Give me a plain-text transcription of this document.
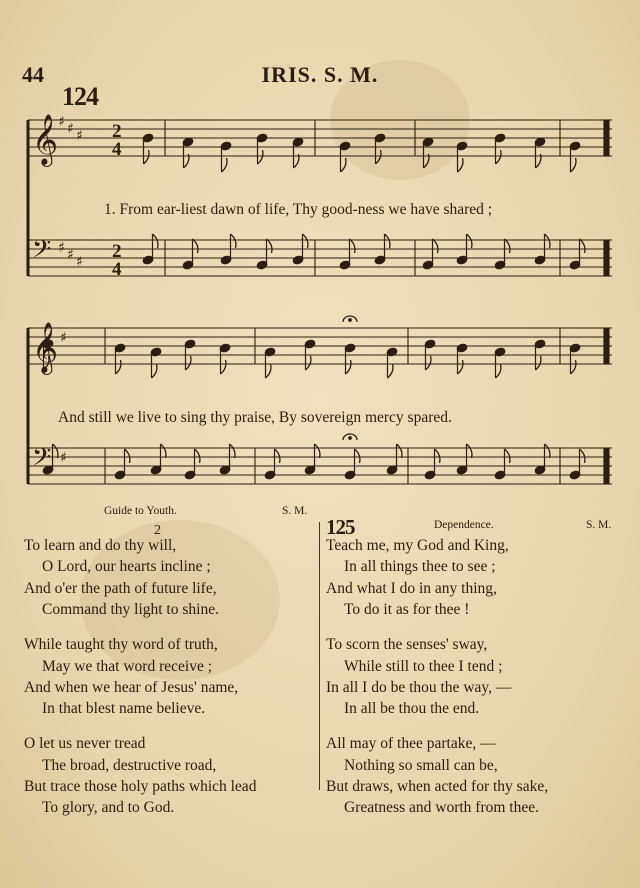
44	IRIS. S. M.
124
𝄞
𝄢
𝄞
𝄢
♯ ♯ ♯ 2
4
♯ ♯ ♯ 2
4
♯
♯
1. From ear-liest dawn of life, Thy good-ness we have shared ;
And still we live to sing thy praise, By sovereign mercy spared.
Guide to Youth.	S. M.
2
To learn and do thy will,
O Lord, our hearts incline ;
And o'er the path of future life,
Command thy light to shine.
While taught thy word of truth,
May we that word receive ;
And when we hear of Jesus' name,
In that blest name believe.
O let us never tread
The broad, destructive road,
But trace those holy paths which lead
To glory, and to God.
125	Dependence.	S. M.
Teach me, my God and King,
In all things thee to see ;
And what I do in any thing,
To do it as for thee !
To scorn the senses' sway,
While still to thee I tend ;
In all I do be thou the way, —
In all be thou the end.
All may of thee partake, —
Nothing so small can be,
But draws, when acted for thy sake,
Greatness and worth from thee.
